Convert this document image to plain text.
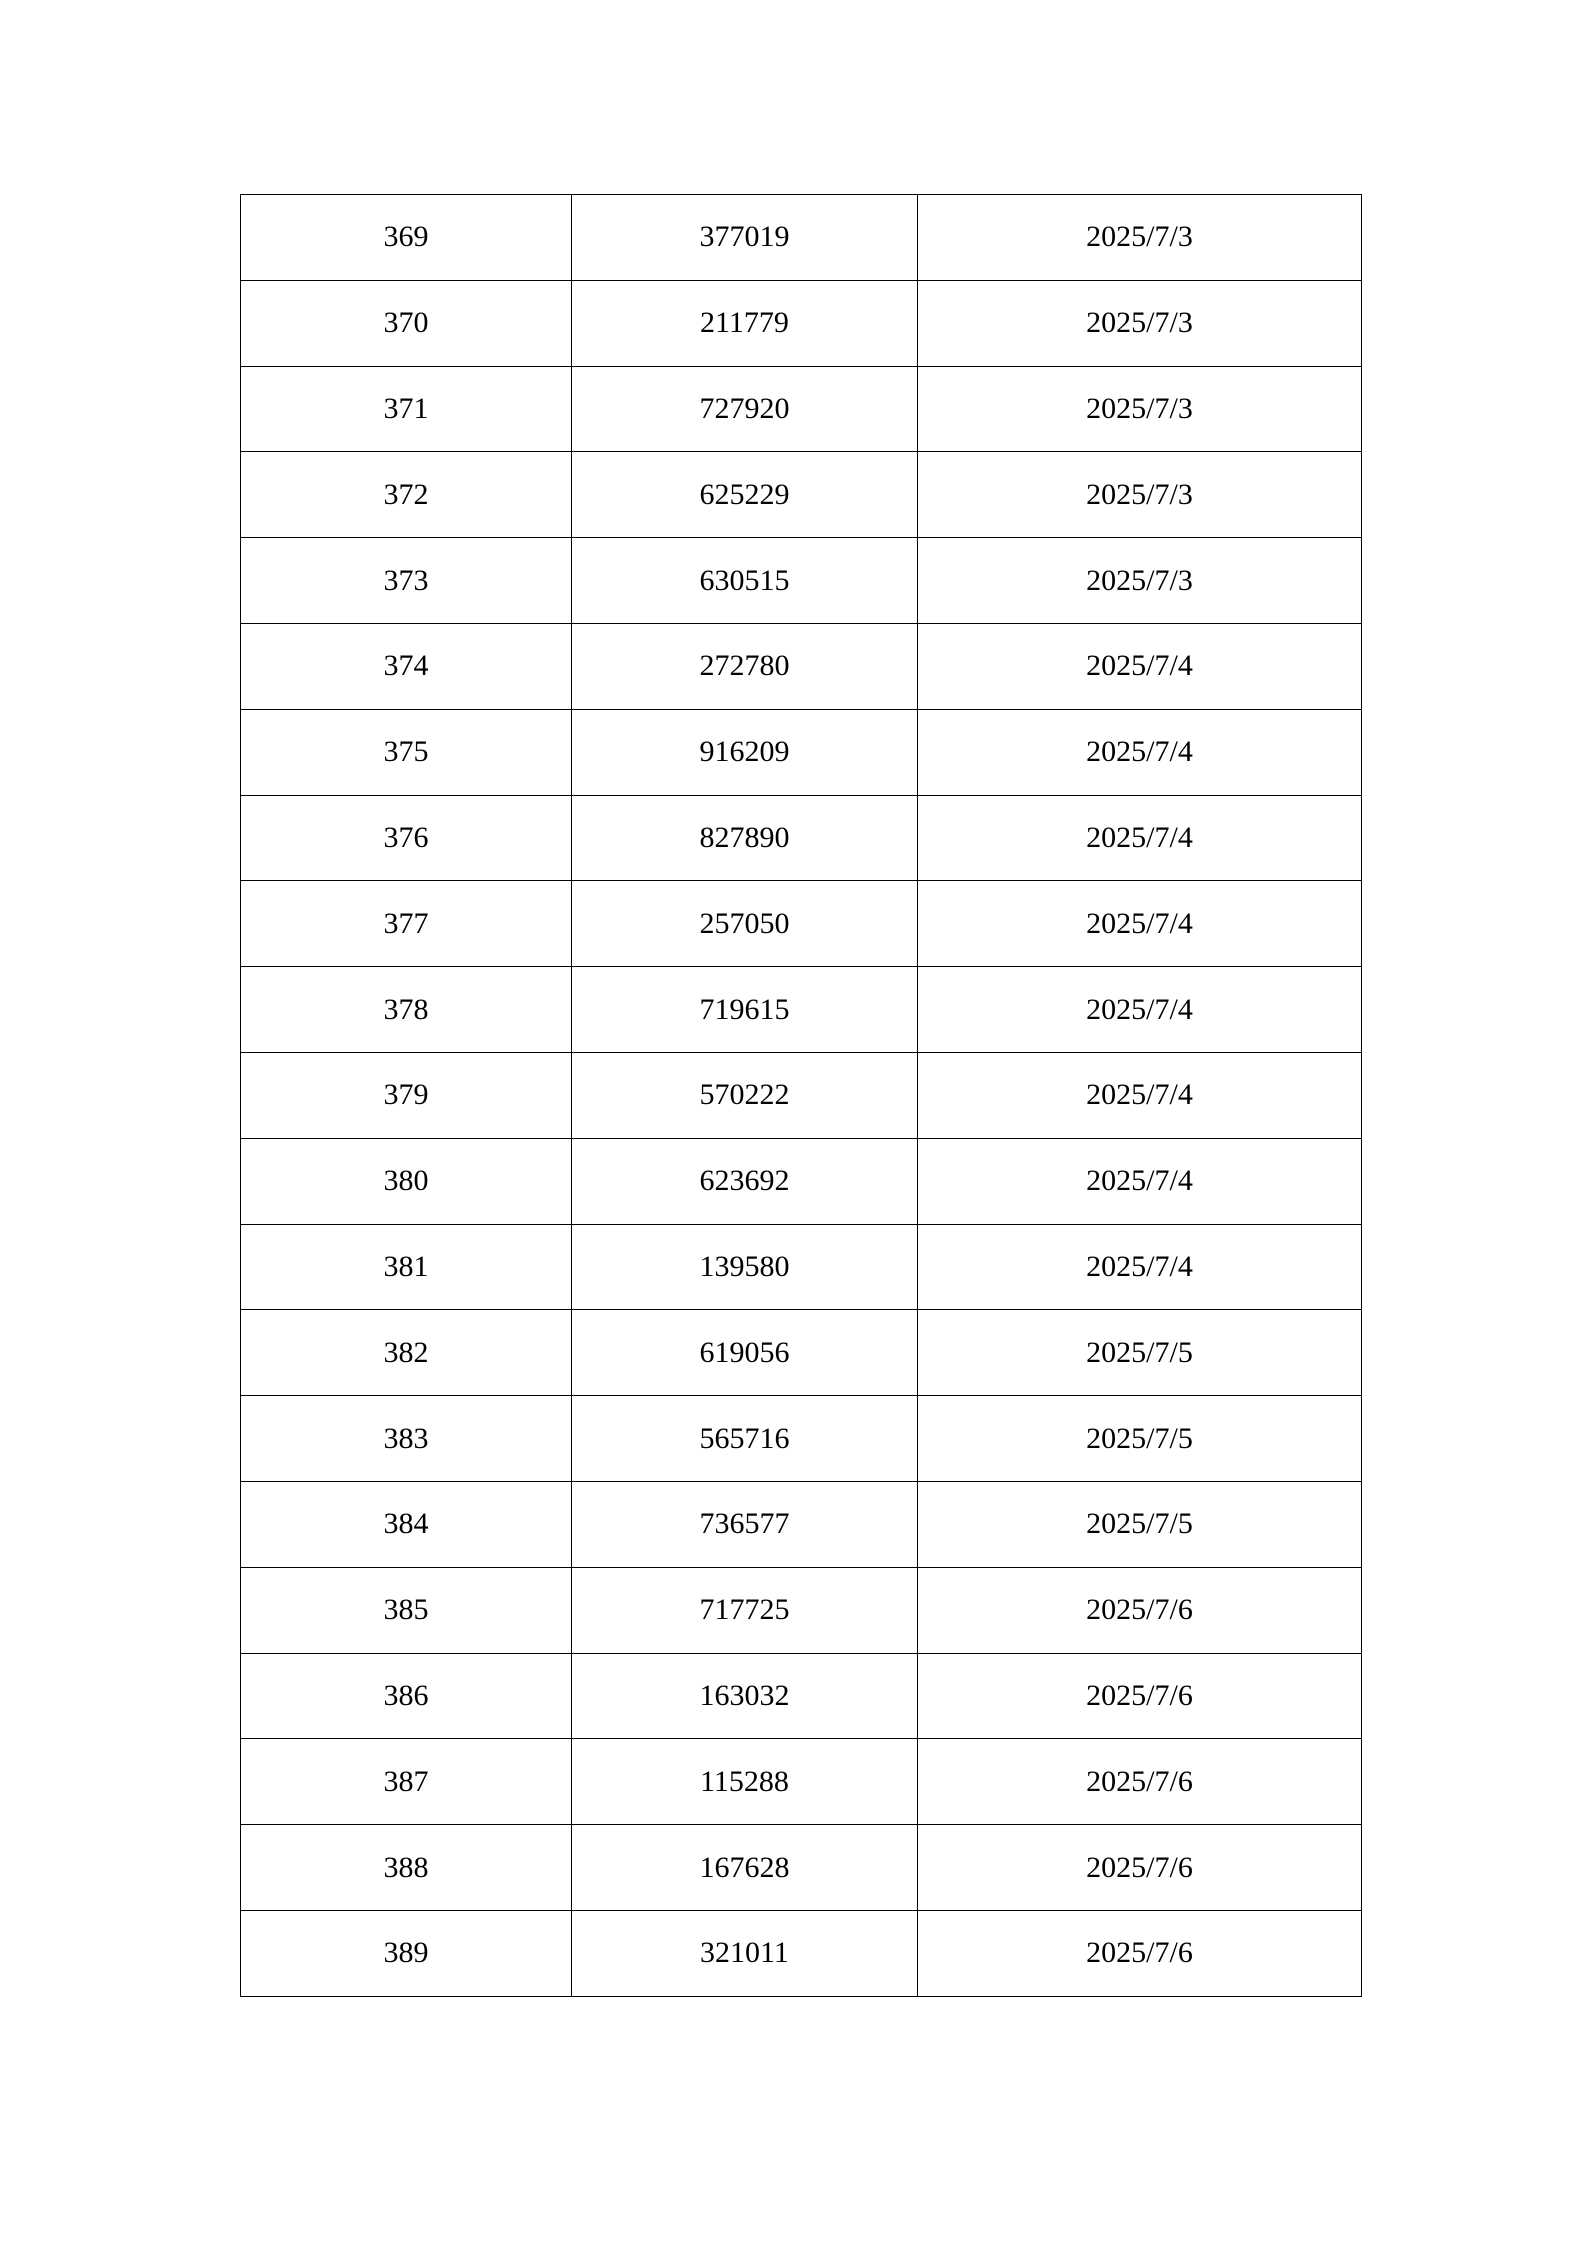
369	377019	2025/7/3
370	211779	2025/7/3
371	727920	2025/7/3
372	625229	2025/7/3
373	630515	2025/7/3
374	272780	2025/7/4
375	916209	2025/7/4
376	827890	2025/7/4
377	257050	2025/7/4
378	719615	2025/7/4
379	570222	2025/7/4
380	623692	2025/7/4
381	139580	2025/7/4
382	619056	2025/7/5
383	565716	2025/7/5
384	736577	2025/7/5
385	717725	2025/7/6
386	163032	2025/7/6
387	115288	2025/7/6
388	167628	2025/7/6
389	321011	2025/7/6
